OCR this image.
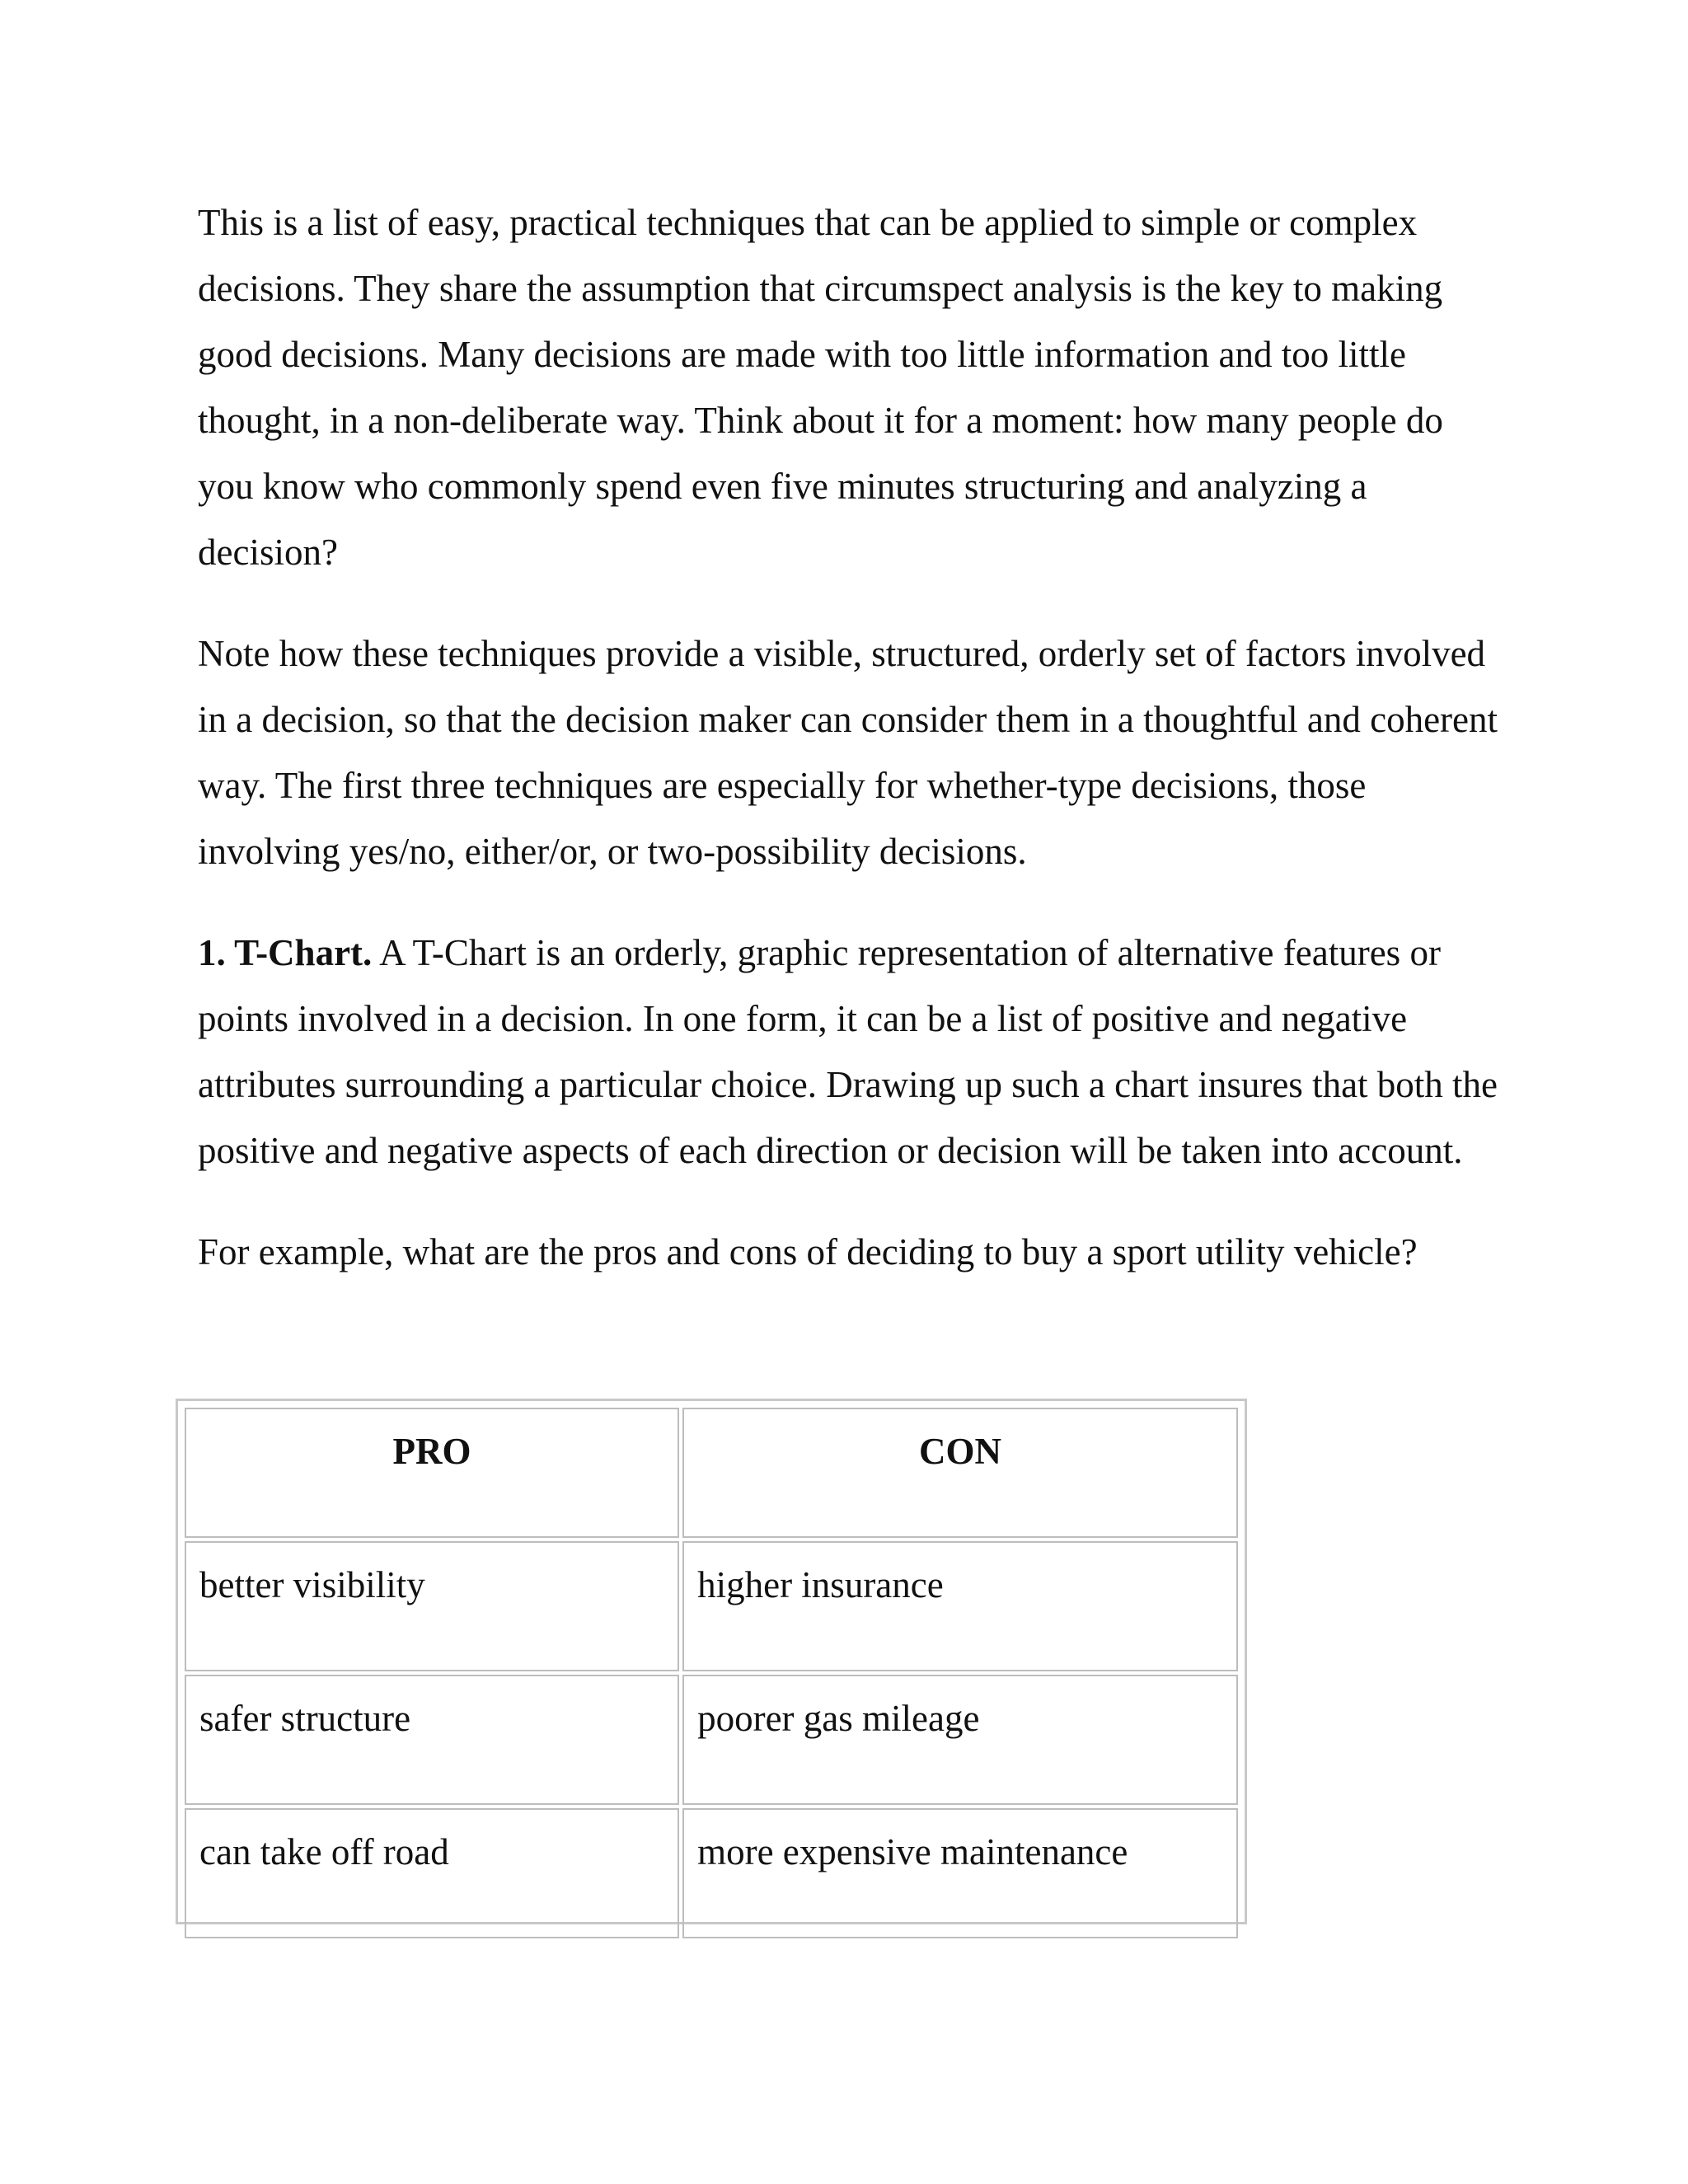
This is a list of easy, practical techniques that can be applied to simple or complex decisions. They share the assumption that circumspect analysis is the key to making good decisions. Many decisions are made with too little information and too little thought, in a non-deliberate way. Think about it for a moment: how many people do you know who commonly spend even five minutes structuring and analyzing a decision?

Note how these techniques provide a visible, structured, orderly set of factors involved in a decision, so that the decision maker can consider them in a thoughtful and coherent way. The first three techniques are especially for whether-type decisions, those involving yes/no, either/or, or two-possibility decisions.

1. T-Chart. A T-Chart is an orderly, graphic representation of alternative features or points involved in a decision. In one form, it can be a list of positive and negative attributes surrounding a particular choice. Drawing up such a chart insures that both the positive and negative aspects of each direction or decision will be taken into account.

For example, what are the pros and cons of deciding to buy a sport utility vehicle?

PRO	CON
better visibility	higher insurance
safer structure	poorer gas mileage
can take off road	more expensive maintenance
